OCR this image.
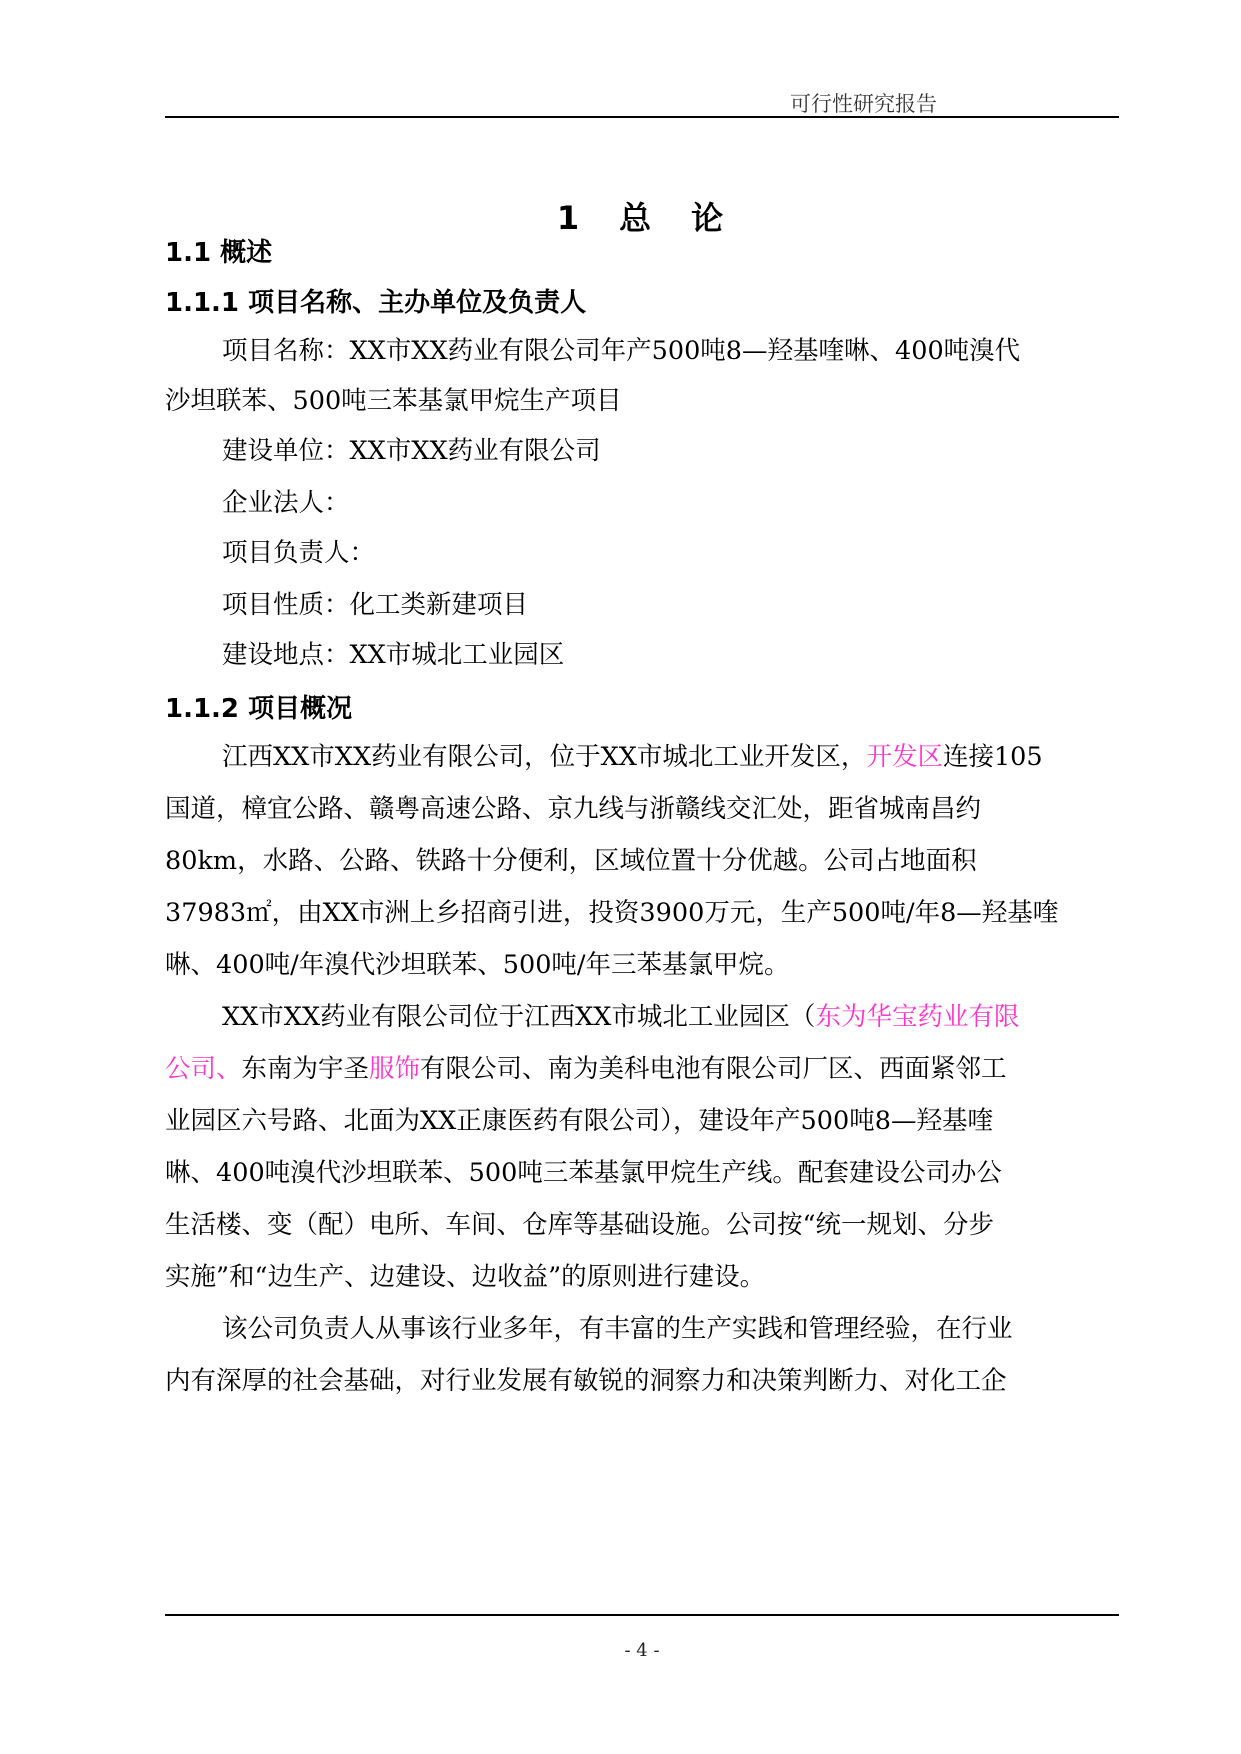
可行性研究报告
1　总　论
1.1 概述
1.1.1 项目名称、主办单位及负责人
项目名称：XX市XX药业有限公司年产500吨8—羟基喹啉、400吨溴代
沙坦联苯、500吨三苯基氯甲烷生产项目
建设单位：XX市XX药业有限公司
企业法人：
项目负责人：
项目性质：化工类新建项目
建设地点：XX市城北工业园区
1.1.2 项目概况
江西XX市XX药业有限公司，位于XX市城北工业开发区，开发区连接105
国道，樟宜公路、赣粤高速公路、京九线与浙赣线交汇处，距省城南昌约
80km，水路、公路、铁路十分便利，区域位置十分优越。公司占地面积
37983㎡，由XX市洲上乡招商引进，投资3900万元，生产500吨/年8—羟基喹
啉、400吨/年溴代沙坦联苯、500吨/年三苯基氯甲烷。
XX市XX药业有限公司位于江西XX市城北工业园区（东为华宝药业有限
公司、东南为宇圣服饰有限公司、南为美科电池有限公司厂区、西面紧邻工
业园区六号路、北面为XX正康医药有限公司），建设年产500吨8—羟基喹
啉、400吨溴代沙坦联苯、500吨三苯基氯甲烷生产线。配套建设公司办公
生活楼、变（配）电所、车间、仓库等基础设施。公司按“统一规划、分步
实施”和“边生产、边建设、边收益”的原则进行建设。
该公司负责人从事该行业多年，有丰富的生产实践和管理经验，在行业
内有深厚的社会基础，对行业发展有敏锐的洞察力和决策判断力、对化工企
- 4 -
